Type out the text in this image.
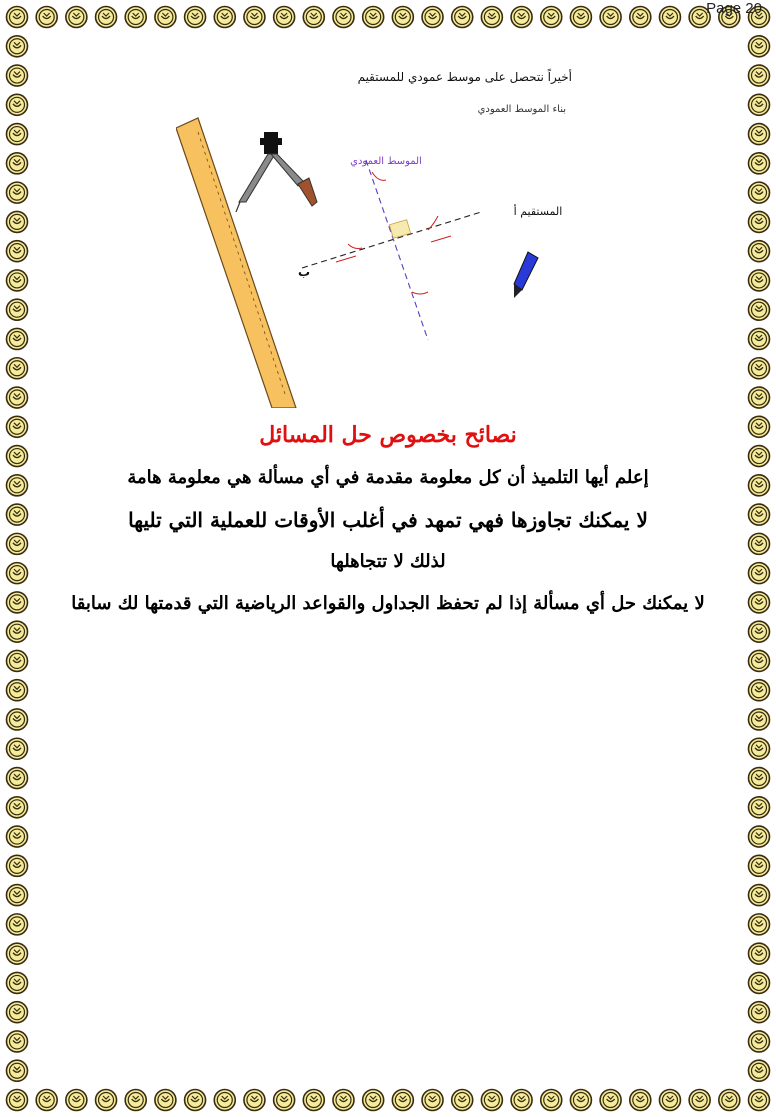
Page 20
أخيراً نتحصل على موسط عمودي للمستقيم
بناء الموسط العمودي
الموسط العمودي
المستقيم أ
ب
نصائح بخصوص حل المسائل
إعلم أيها التلميذ أن كل معلومة مقدمة في أي مسألة هي معلومة هامة
لا يمكنك تجاوزها فهي تمهد في أغلب الأوقات للعملية التي تليها
لذلك لا تتجاهلها
لا يمكنك حل أي مسألة إذا لم تحفظ الجداول والقواعد الرياضية التي قدمتها لك سابقا
